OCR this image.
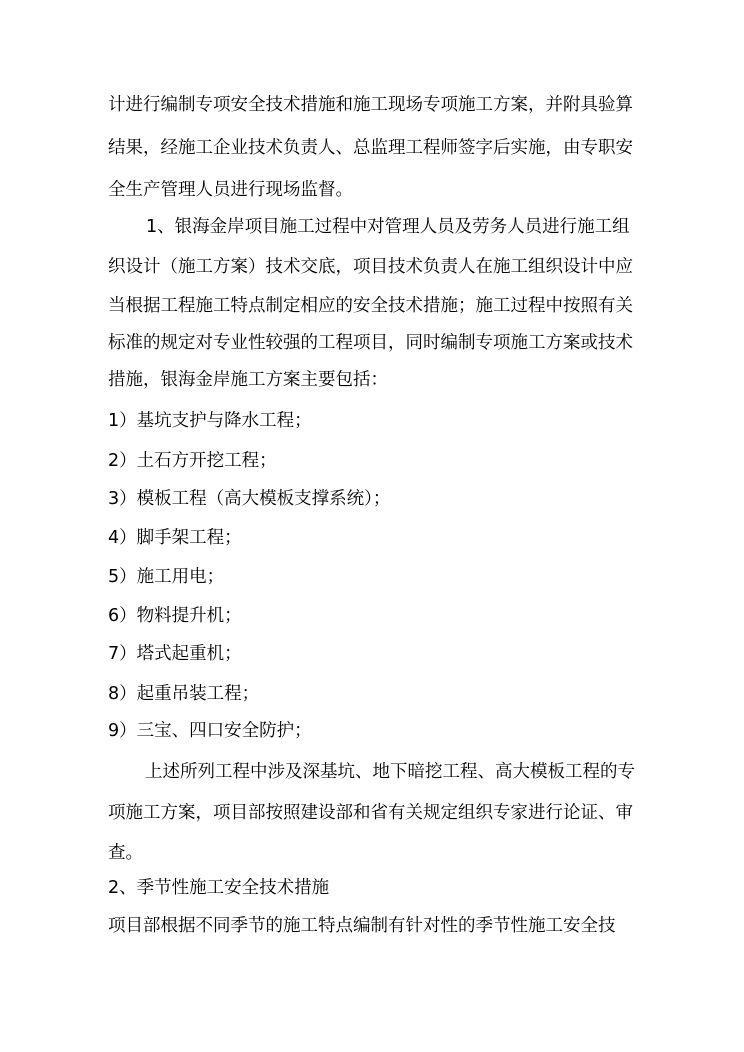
计进行编制专项安全技术措施和施工现场专项施工方案，并附具验算
结果，经施工企业技术负责人、总监理工程师签字后实施，由专职安
全生产管理人员进行现场监督。
1、银海金岸项目施工过程中对管理人员及劳务人员进行施工组
织设计（施工方案）技术交底，项目技术负责人在施工组织设计中应
当根据工程施工特点制定相应的安全技术措施；施工过程中按照有关
标准的规定对专业性较强的工程项目，同时编制专项施工方案或技术
措施，银海金岸施工方案主要包括：
1）基坑支护与降水工程；
2）土石方开挖工程；
3）模板工程（高大模板支撑系统）；
4）脚手架工程；
5）施工用电；
6）物料提升机；
7）塔式起重机；
8）起重吊装工程；
9）三宝、四口安全防护；
上述所列工程中涉及深基坑、地下暗挖工程、高大模板工程的专
项施工方案，项目部按照建设部和省有关规定组织专家进行论证、审
查。
2、季节性施工安全技术措施
项目部根据不同季节的施工特点编制有针对性的季节性施工安全技
